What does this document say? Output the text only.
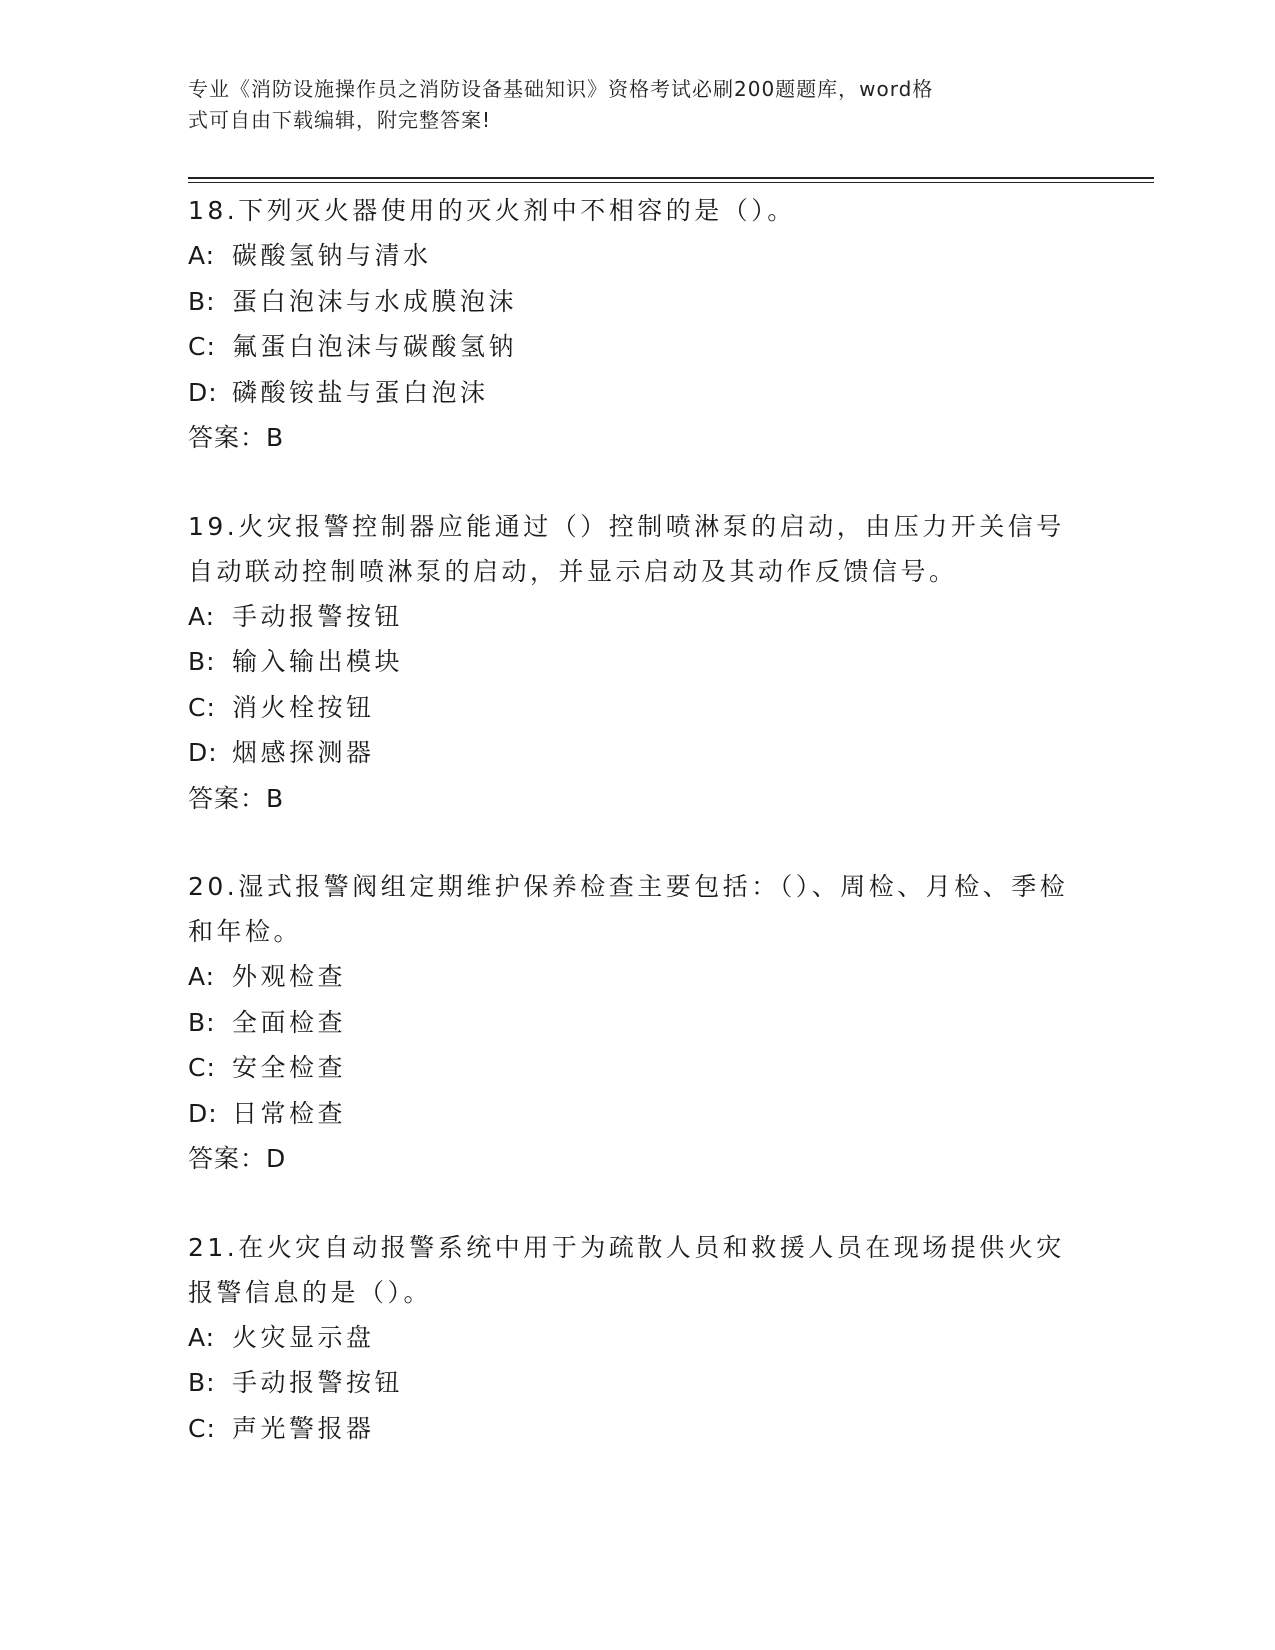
专业《消防设施操作员之消防设备基础知识》资格考试必刷200题题库，word格
式可自由下载编辑，附完整答案!
18.下列灭火器使用的灭火剂中不相容的是（）。
A: 碳酸氢钠与清水
B: 蛋白泡沫与水成膜泡沫
C: 氟蛋白泡沫与碳酸氢钠
D: 磷酸铵盐与蛋白泡沫
答案：B
19.火灾报警控制器应能通过（）控制喷淋泵的启动，由压力开关信号自动联动控制喷淋泵的启动，并显示启动及其动作反馈信号。
A: 手动报警按钮
B: 输入输出模块
C: 消火栓按钮
D: 烟感探测器
答案：B
20.湿式报警阀组定期维护保养检查主要包括：（）、周检、月检、季检和年检。
A: 外观检查
B: 全面检查
C: 安全检查
D: 日常检查
答案：D
21.在火灾自动报警系统中用于为疏散人员和救援人员在现场提供火灾报警信息的是（）。
A: 火灾显示盘
B: 手动报警按钮
C: 声光警报器
